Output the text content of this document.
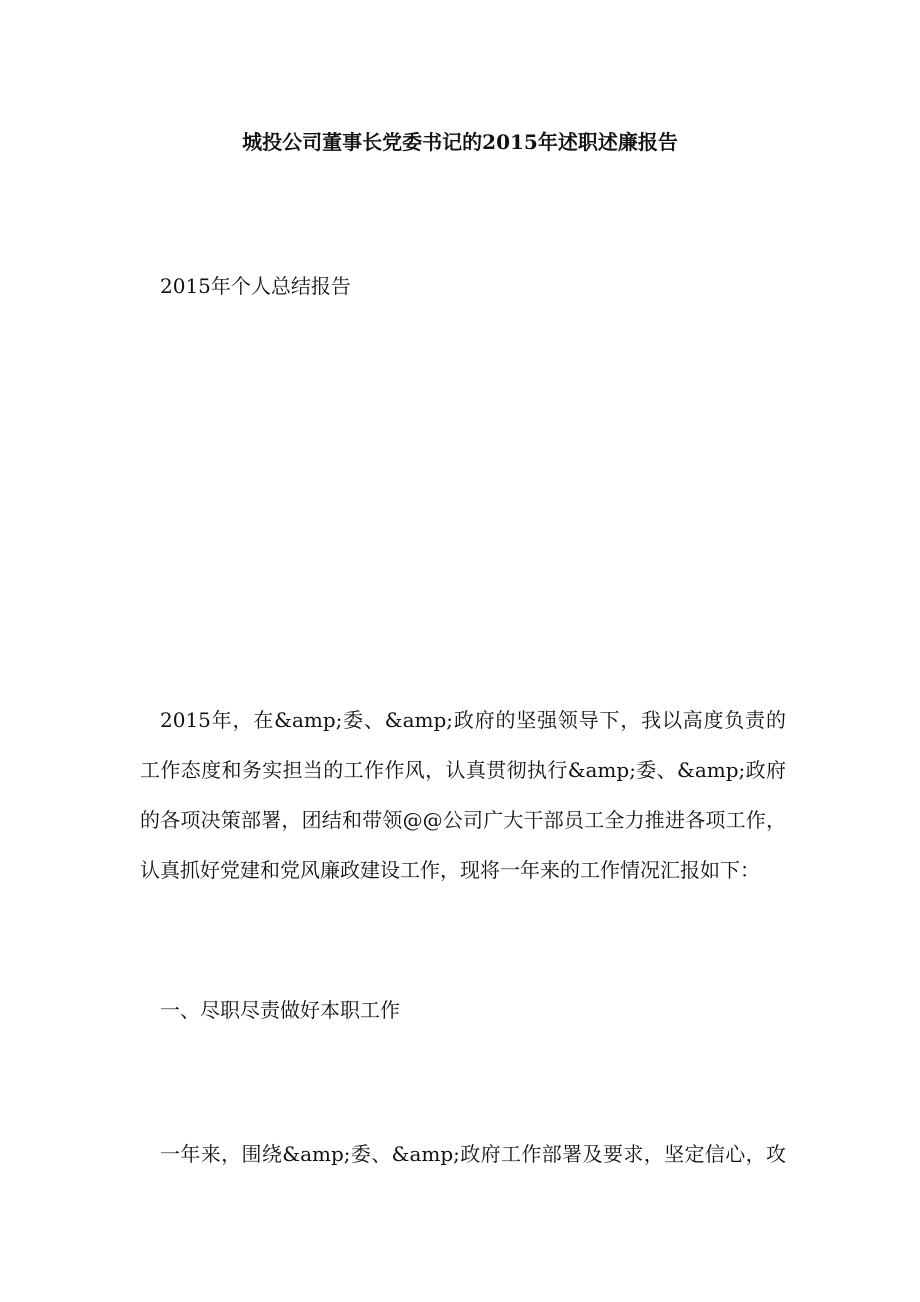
城投公司董事长党委书记的2015年述职述廉报告
2015年个人总结报告
2015年，在&amp;委、&amp;政府的坚强领导下，我以高度负责的
工作态度和务实担当的工作作风，认真贯彻执行&amp;委、&amp;政府
的各项决策部署，团结和带领@@公司广大干部员工全力推进各项工作，
认真抓好党建和党风廉政建设工作，现将一年来的工作情况汇报如下：
一、尽职尽责做好本职工作
一年来，围绕&amp;委、&amp;政府工作部署及要求，坚定信心，攻
